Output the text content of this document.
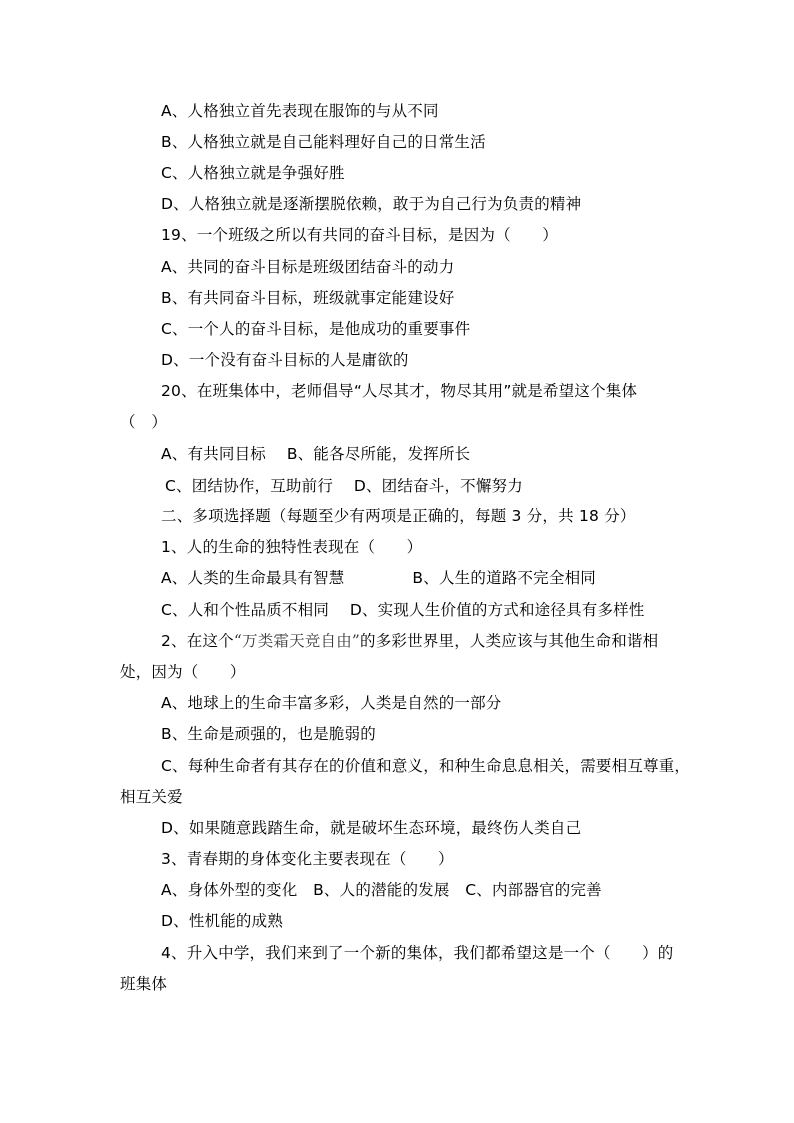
A、人格独立首先表现在服饰的与从不同
B、人格独立就是自己能料理好自己的日常生活
C、人格独立就是争强好胜
D、人格独立就是逐渐摆脱依赖，敢于为自己行为负责的精神
19、一个班级之所以有共同的奋斗目标，是因为（　　）
A、共同的奋斗目标是班级团结奋斗的动力
B、有共同奋斗目标，班级就事定能建设好
C、一个人的奋斗目标，是他成功的重要事件
D、一个没有奋斗目标的人是庸欲的
20、在班集体中，老师倡导“人尽其才，物尽其用”就是希望这个集体
（　）
A、有共同目标　 B、能各尽所能，发挥所长
C、团结协作，互助前行　 D、团结奋斗，不懈努力
二、多项选择题（每题至少有两项是正确的，每题 3 分，共 18 分）
1、人的生命的独特性表现在（　　）
A、人类的生命最具有智慧　　　　 B、人生的道路不完全相同
C、人和个性品质不相同　 D、实现人生价值的方式和途径具有多样性
2、在这个“万类霜天竞自由”的多彩世界里，人类应该与其他生命和谐相
处，因为（　　）
A、地球上的生命丰富多彩，人类是自然的一部分
B、生命是顽强的，也是脆弱的
C、每种生命者有其存在的价值和意义，和种生命息息相关，需要相互尊重，
相互关爱
D、如果随意践踏生命，就是破坏生态环境，最终伤人类自己
3、青春期的身体变化主要表现在（　　）
A、身体外型的变化　B、人的潜能的发展　C、内部器官的完善
D、性机能的成熟
4、升入中学，我们来到了一个新的集体，我们都希望这是一个（　　）的
班集体
